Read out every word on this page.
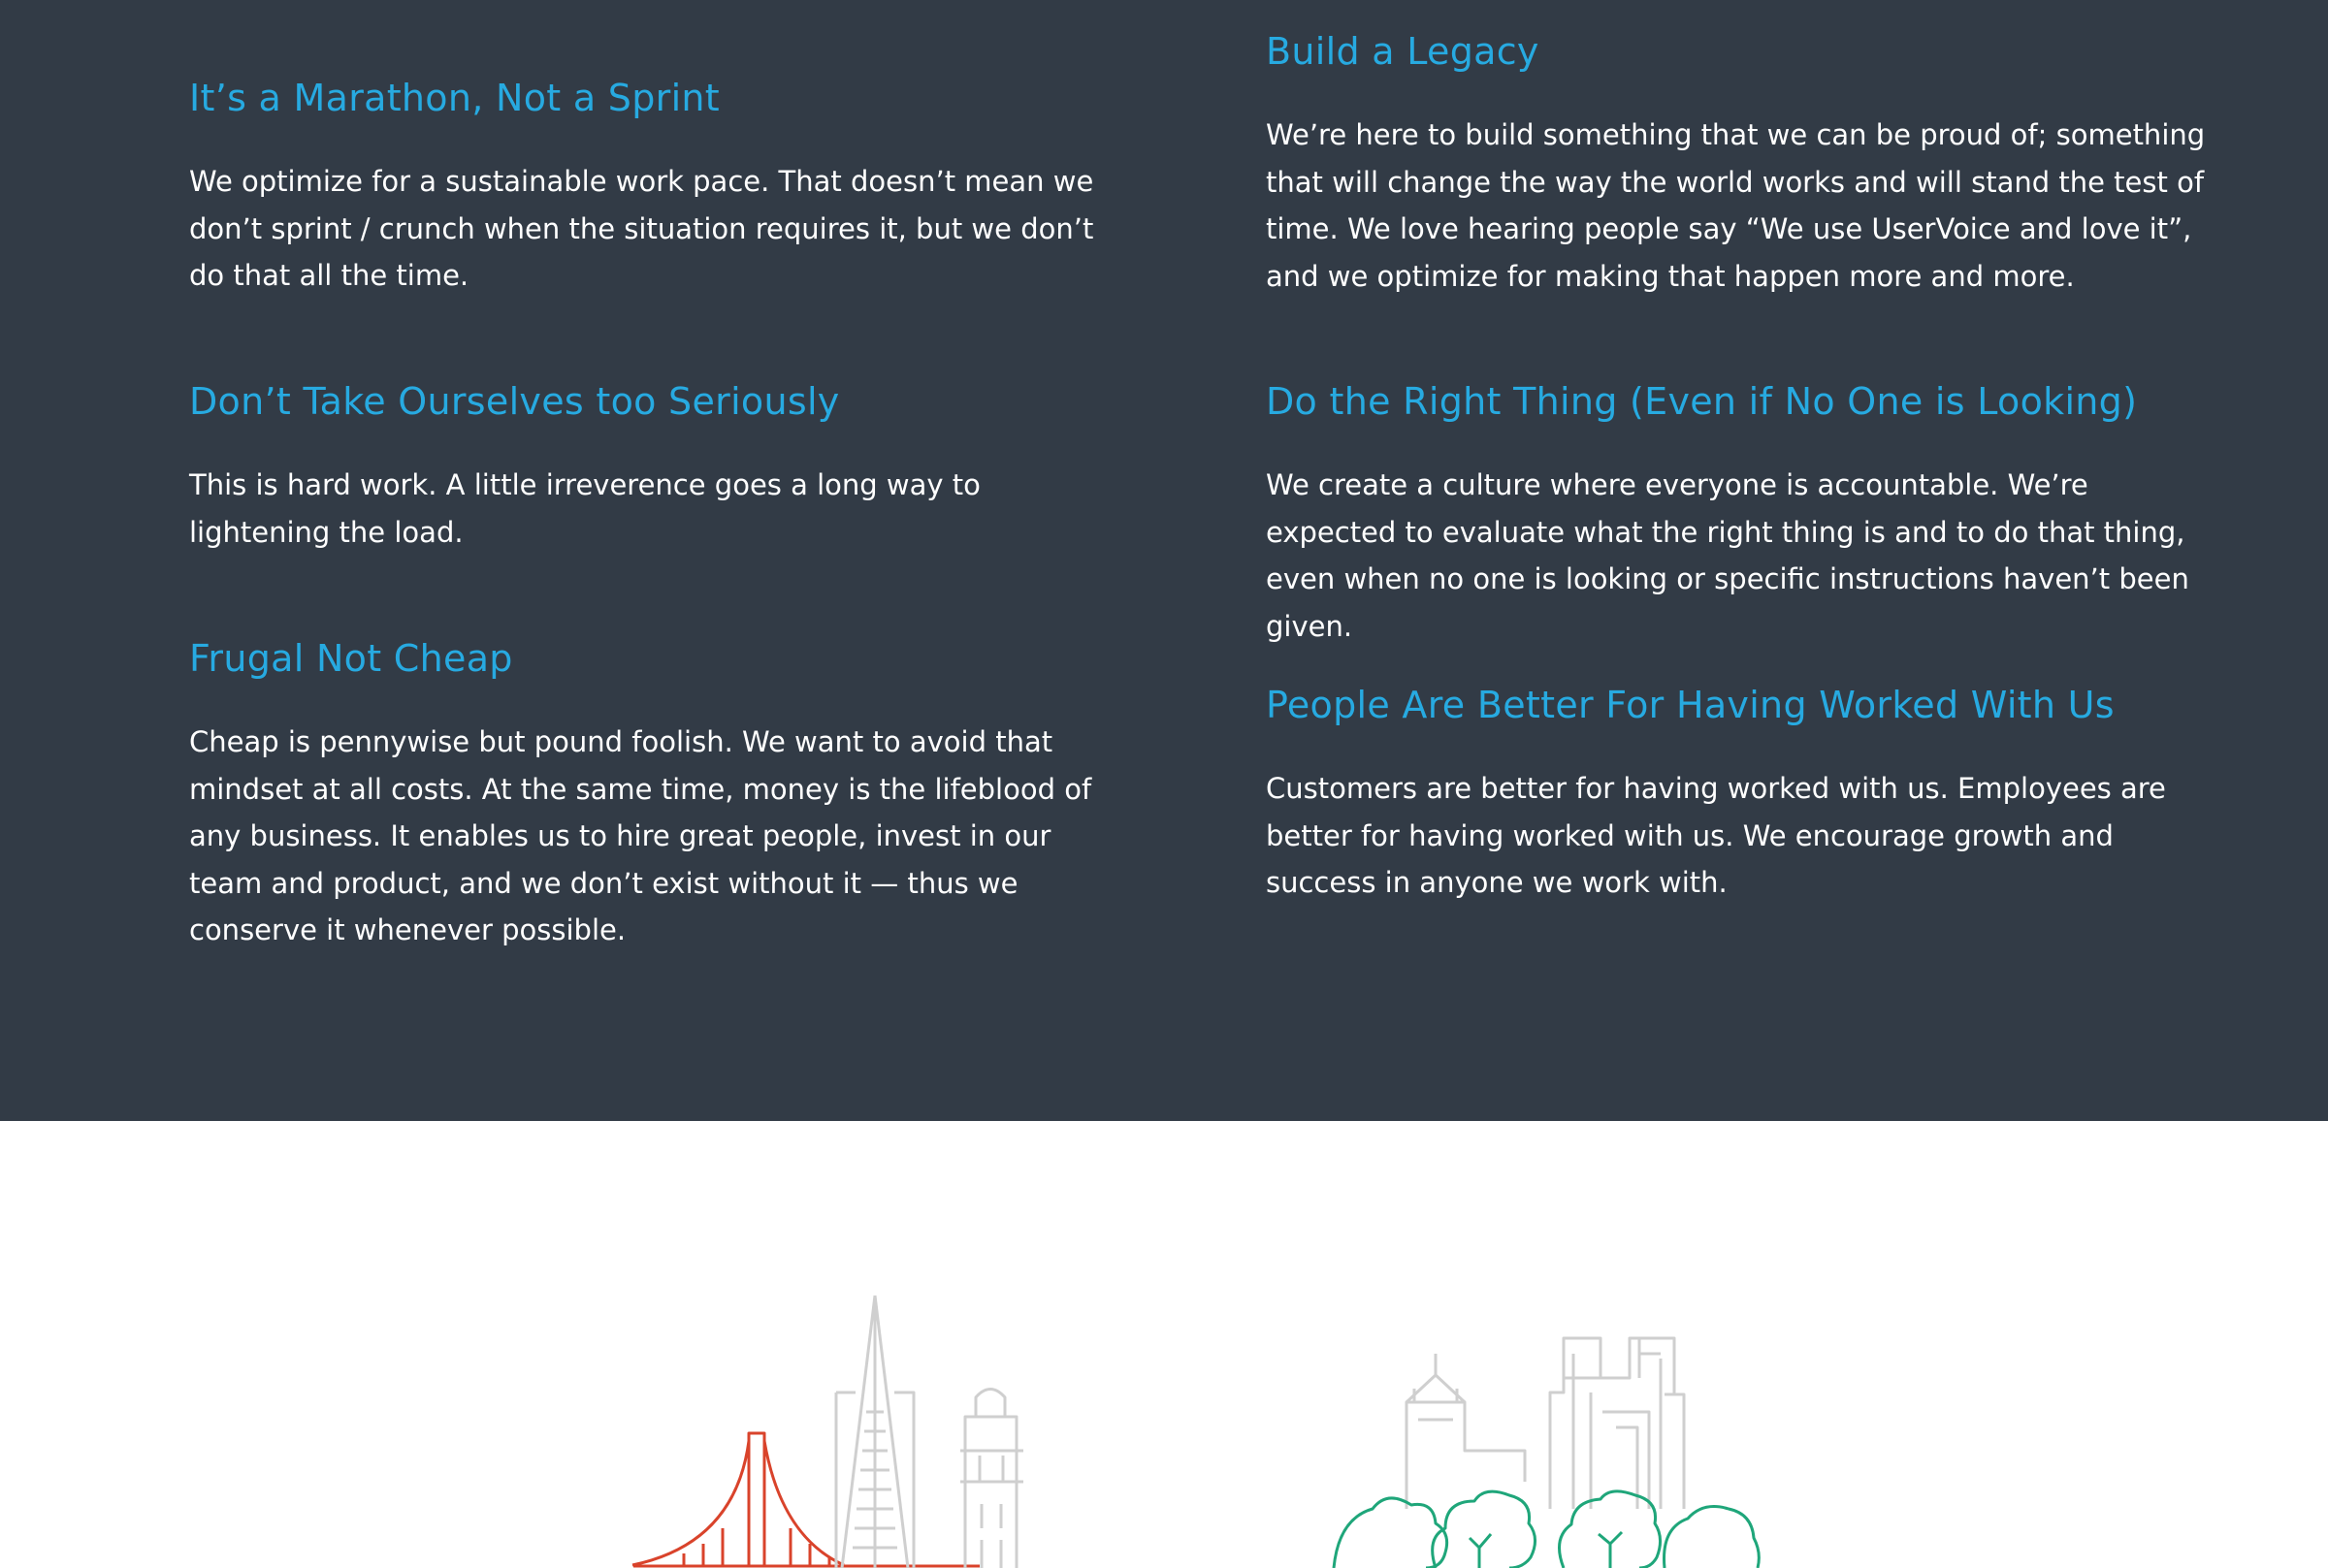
It’s a Marathon, Not a Sprint

We optimize for a sustainable work pace. That doesn’t mean we don’t sprint / crunch when the situation requires it, but we don’t do that all the time.

Don’t Take Ourselves too Seriously

This is hard work. A little irreverence goes a long way to lightening the load.

Frugal Not Cheap

Cheap is pennywise but pound foolish. We want to avoid that mindset at all costs. At the same time, money is the lifeblood of any business. It enables us to hire great people, invest in our team and product, and we don’t exist without it — thus we conserve it whenever possible.

Build a Legacy

We’re here to build something that we can be proud of; something that will change the way the world works and will stand the test of time. We love hearing people say “We use UserVoice and love it”, and we optimize for making that happen more and more.

Do the Right Thing (Even if No One is Looking)

We create a culture where everyone is accountable. We’re expected to evaluate what the right thing is and to do that thing, even when no one is looking or specific instructions haven’t been given.

People Are Better For Having Worked With Us

Customers are better for having worked with us. Employees are better for having worked with us. We encourage growth and success in anyone we work with.
